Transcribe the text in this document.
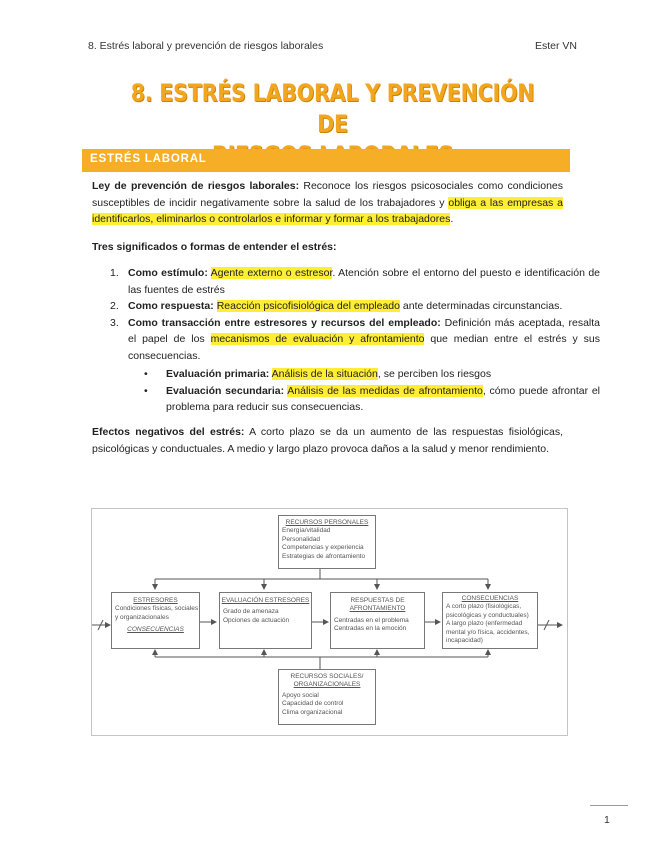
8. Estrés laboral y prevención de riesgos laborales	Ester VN
8. ESTRÉS LABORAL Y PREVENCIÓN DE
ESTRÉS LABORAL

Ley de prevención de riesgos laborales: Reconoce los riesgos psicosociales como condiciones susceptibles de incidir negativamente sobre la salud de los trabajadores y obliga a las empresas a identificarlos, eliminarlos o controlarlos e informar y formar a los trabajadores.

Tres significados o formas de entender el estrés:

1. Como estímulo: Agente externo o estresor. Atención sobre el entorno del puesto e identificación de las fuentes de estrés
2. Como respuesta: Reacción psicofisiológica del empleado ante determinadas circunstancias.
3. Como transacción entre estresores y recursos del empleado: Definición más aceptada, resalta el papel de los mecanismos de evaluación y afrontamiento que median entre el estrés y sus consecuencias.
• Evaluación primaria: Análisis de la situación, se perciben los riesgos
• Evaluación secundaria: Análisis de las medidas de afrontamiento, cómo puede afrontar el problema para reducir sus consecuencias.

Efectos negativos del estrés: A corto plazo se da un aumento de las respuestas fisiológicas, psicológicas y conductuales. A medio y largo plazo provoca daños a la salud y menor rendimiento.

RECURSOS PERSONALES
Energía/vitalidad
Personalidad
Competencias y experiencia
Estrategias de afrontamiento
ESTRESORES
Condiciones físicas, sociales
y organizacionales
CONSECUENCIAS
EVALUACIÓN ESTRESORES
Grado de amenaza
Opciones de actuación
RESPUESTAS DE
AFRONTAMIENTO
Centradas en el problema
Centradas en la emoción
CONSECUENCIAS
A corto plazo (fisiológicas,
psicológicas y conductuales)
A largo plazo (enfermedad
mental y/o física, accidentes,
incapacidad)
RECURSOS SOCIALES/
ORGANIZACIONALES
Apoyo social
Capacidad de control
Clima organizacional
1
